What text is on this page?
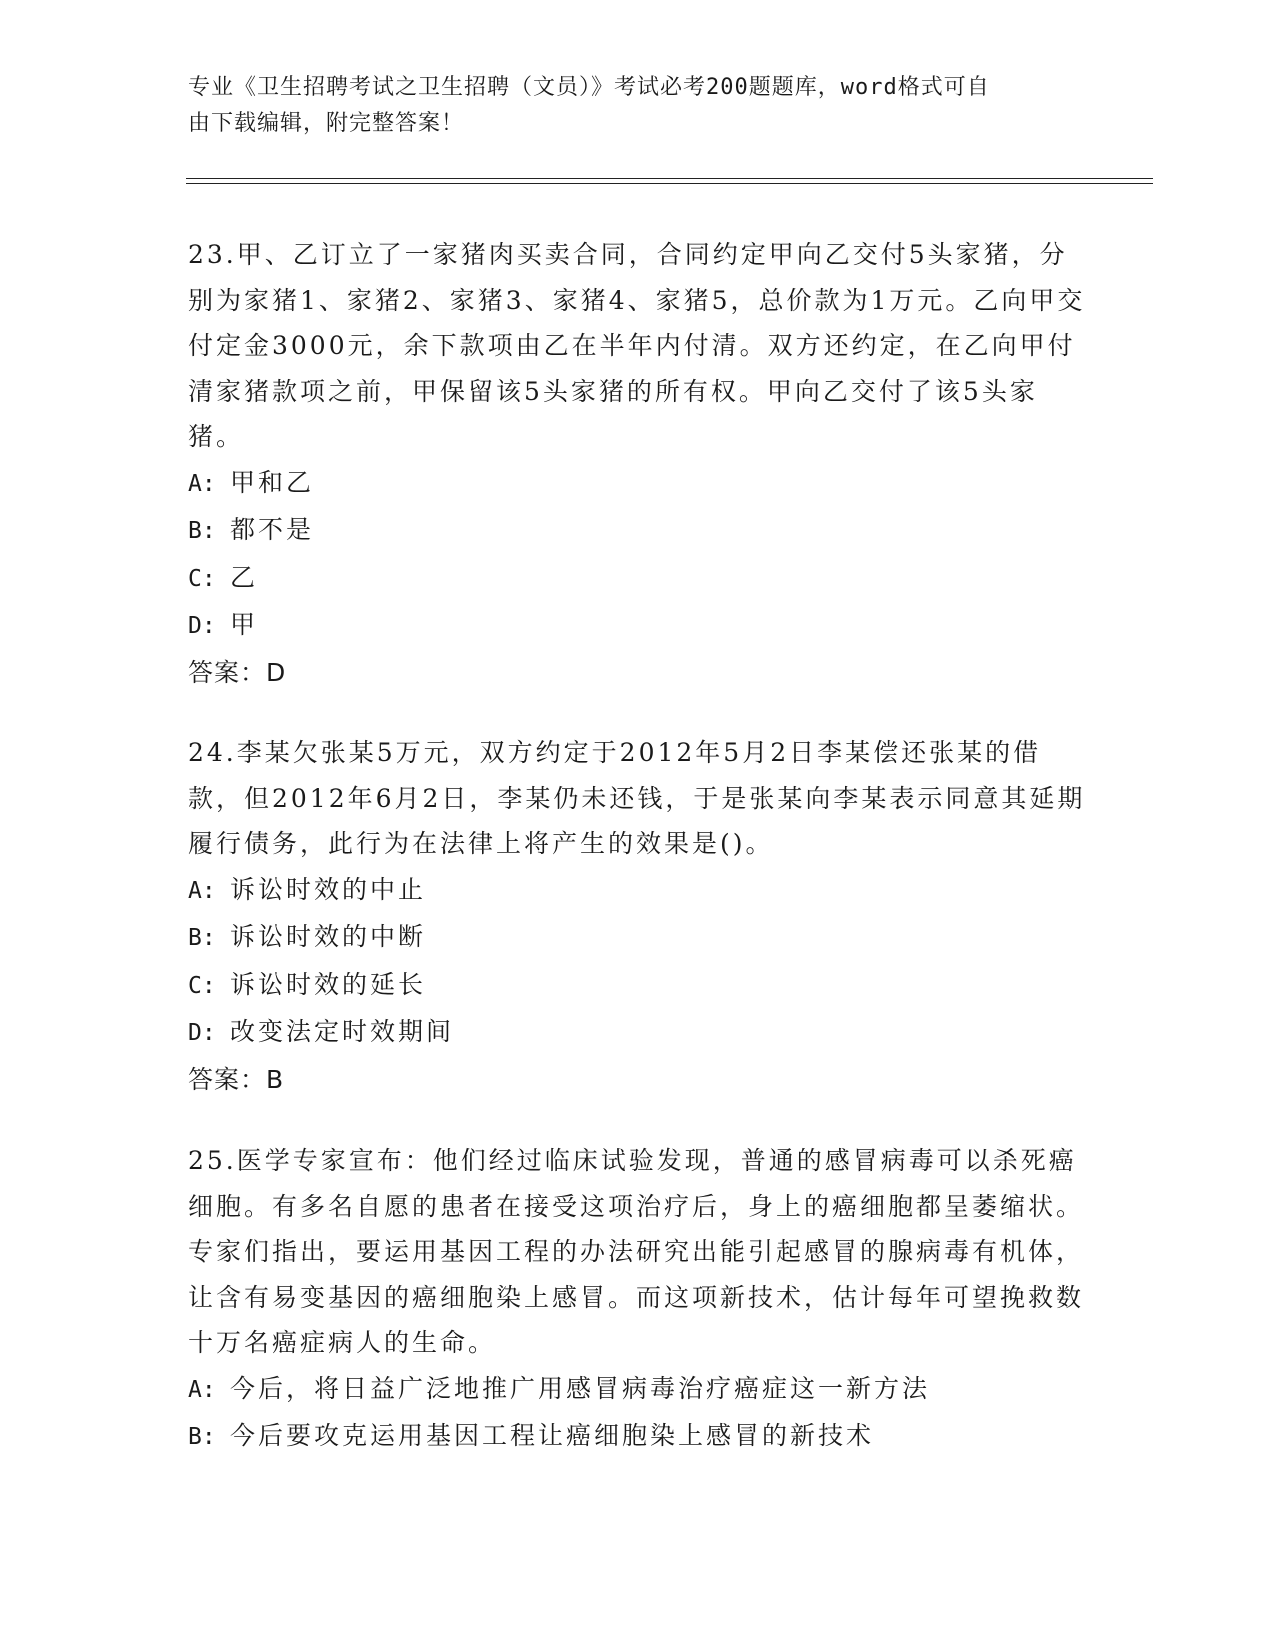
专业《卫生招聘考试之卫生招聘（文员）》考试必考200题题库，word格式可自
由下载编辑，附完整答案！
23.甲、乙订立了一家猪肉买卖合同，合同约定甲向乙交付5头家猪，分别为家猪1、家猪2、家猪3、家猪4、家猪5，总价款为1万元。乙向甲交付定金3000元，余下款项由乙在半年内付清。双方还约定，在乙向甲付清家猪款项之前，甲保留该5头家猪的所有权。甲向乙交付了该5头家猪。
A: 甲和乙
B: 都不是
C: 乙
D: 甲
答案：D
24.李某欠张某5万元，双方约定于2012年5月2日李某偿还张某的借款，但2012年6月2日，李某仍未还钱，于是张某向李某表示同意其延期履行债务，此行为在法律上将产生的效果是()。
A: 诉讼时效的中止
B: 诉讼时效的中断
C: 诉讼时效的延长
D: 改变法定时效期间
答案：B
25.医学专家宣布：他们经过临床试验发现，普通的感冒病毒可以杀死癌细胞。有多名自愿的患者在接受这项治疗后，身上的癌细胞都呈萎缩状。专家们指出，要运用基因工程的办法研究出能引起感冒的腺病毒有机体，让含有易变基因的癌细胞染上感冒。而这项新技术，估计每年可望挽救数十万名癌症病人的生命。
A: 今后，将日益广泛地推广用感冒病毒治疗癌症这一新方法
B: 今后要攻克运用基因工程让癌细胞染上感冒的新技术
